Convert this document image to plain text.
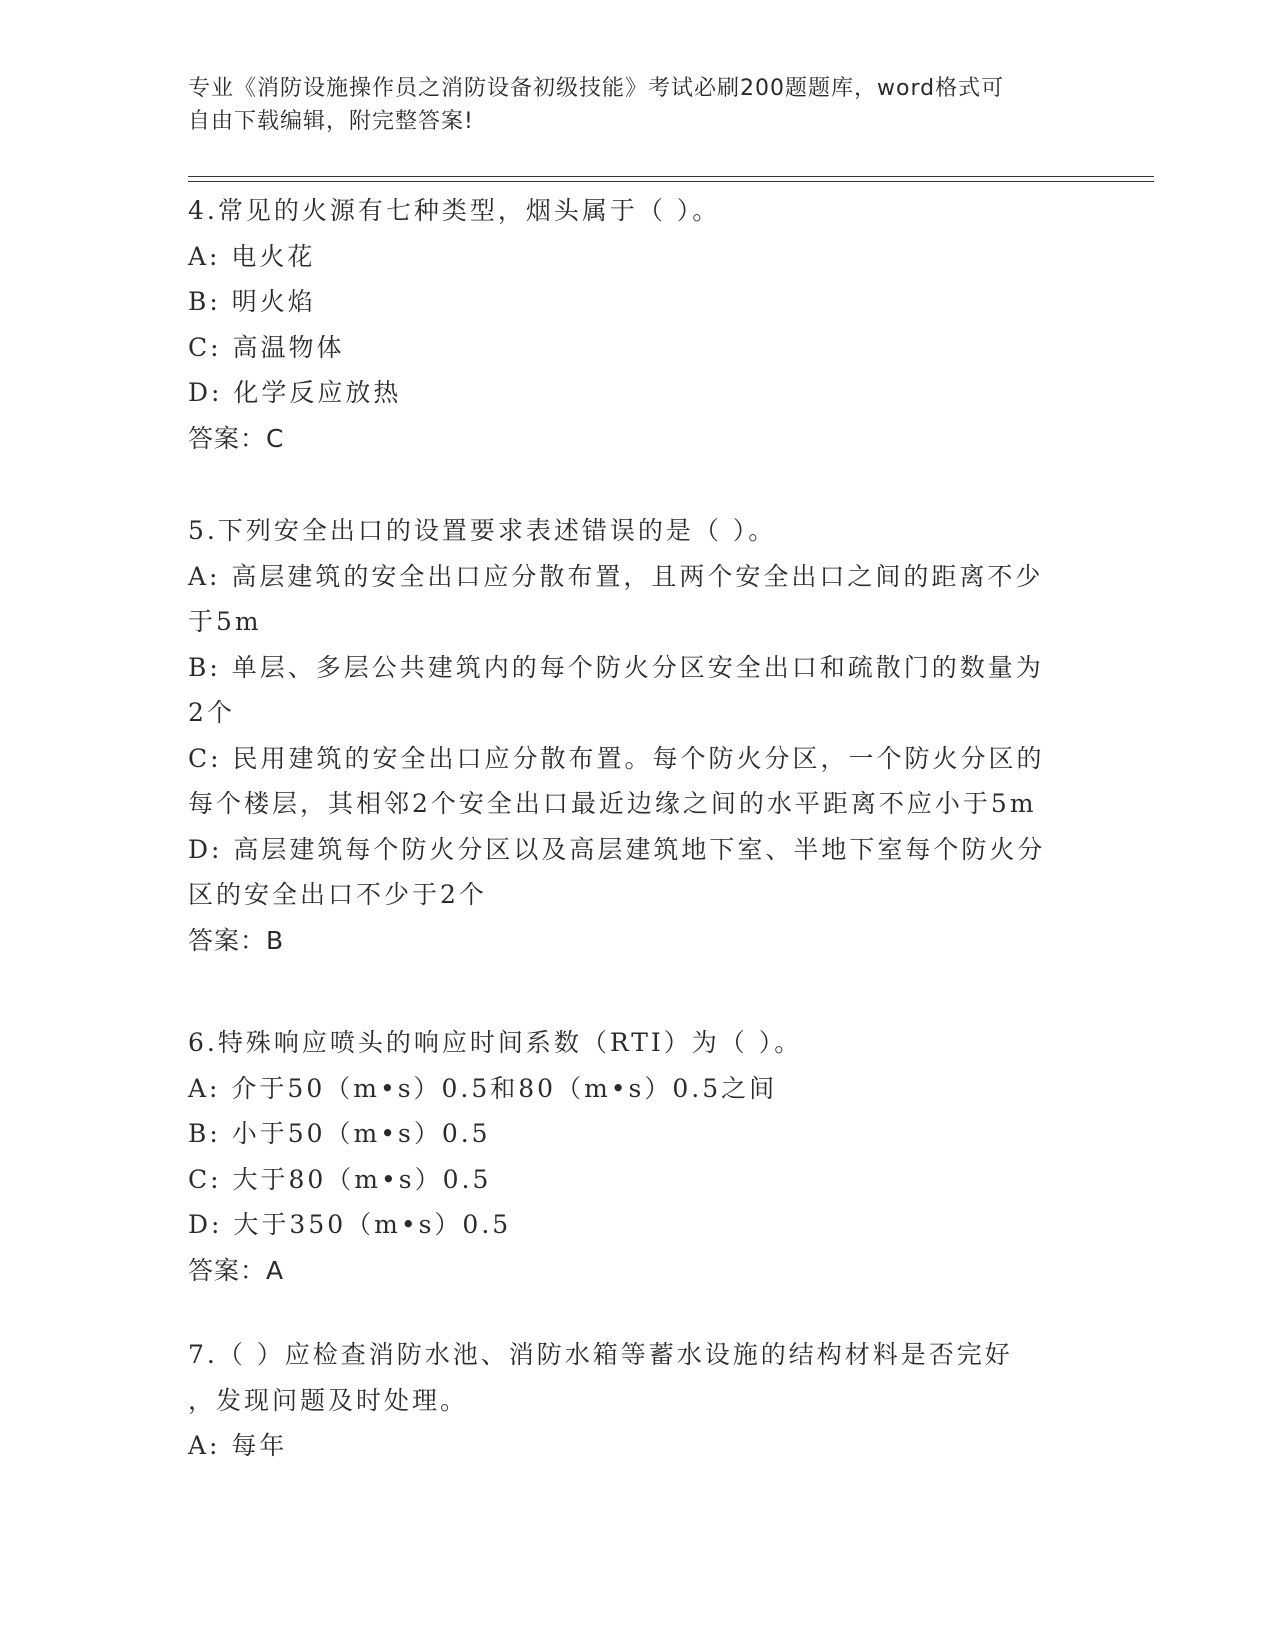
专业《消防设施操作员之消防设备初级技能》考试必刷200题题库，word格式可
自由下载编辑，附完整答案!
4.常见的火源有七种类型，烟头属于（ ）。
A: 电火花
B: 明火焰
C: 高温物体
D: 化学反应放热
答案：C
5.下列安全出口的设置要求表述错误的是（ ）。
A: 高层建筑的安全出口应分散布置，且两个安全出口之间的距离不少
于5m
B: 单层、多层公共建筑内的每个防火分区安全出口和疏散门的数量为
2个
C: 民用建筑的安全出口应分散布置。每个防火分区，一个防火分区的
每个楼层，其相邻2个安全出口最近边缘之间的水平距离不应小于5m
D: 高层建筑每个防火分区以及高层建筑地下室、半地下室每个防火分
区的安全出口不少于2个
答案：B
6.特殊响应喷头的响应时间系数（RTI）为（ ）。
A: 介于50（m•s）0.5和80（m•s）0.5之间
B: 小于50（m•s）0.5
C: 大于80（m•s）0.5
D: 大于350（m•s）0.5
答案：A
7.（ ）应检查消防水池、消防水箱等蓄水设施的结构材料是否完好
，发现问题及时处理。
A: 每年
